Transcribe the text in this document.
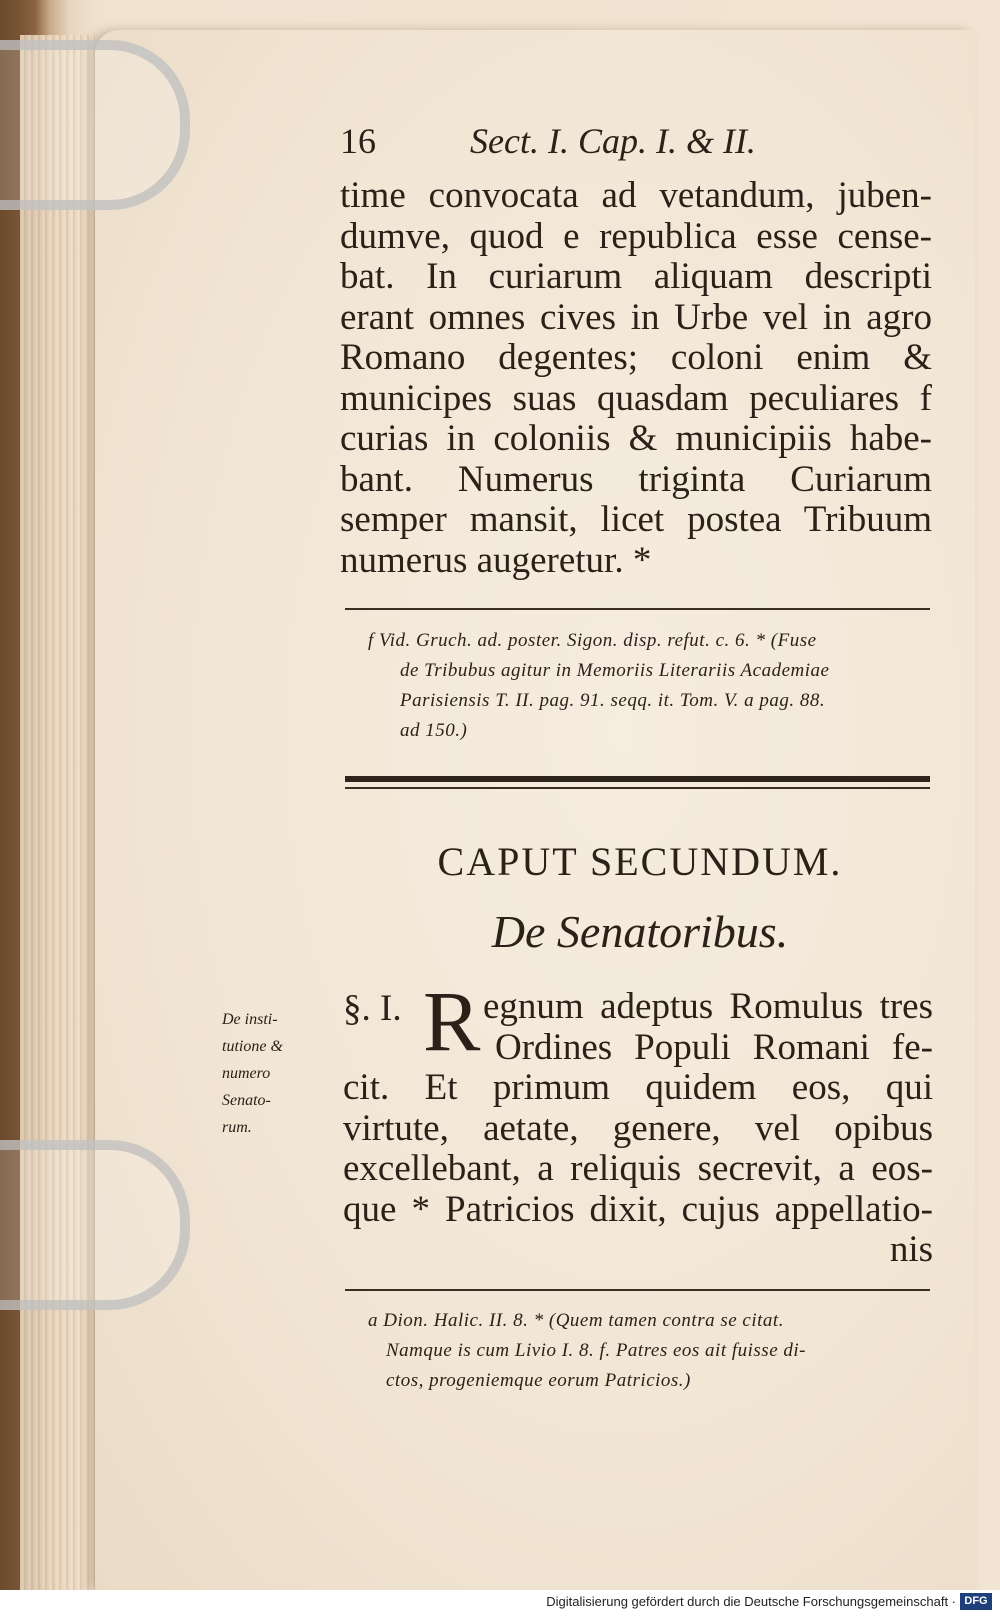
16	Sect. I. Cap. I. & II.
time convocata ad vetandum, juben-
dumve, quod e republica esse cense-
bat. In curiarum aliquam descripti
erant omnes cives in Urbe vel in agro
Romano degentes; coloni enim &
municipes suas quasdam peculiares f
curias in coloniis & municipiis habe-
bant. Numerus triginta Curiarum
semper mansit, licet postea Tribuum
numerus augeretur. *
f Vid. Gruch. ad. poster. Sigon. disp. refut. c. 6. * (Fuse
de Tribubus agitur in Memoriis Literariis Academiae
Parisiensis T. II. pag. 91. seqq. it. Tom. V. a pag. 88.
ad 150.)
CAPUT SECUNDUM.
De Senatoribus.
De insti-
tutione &
numero
Senato-
rum.
§. I. R egnum adeptus Romulus tres
Ordines Populi Romani fe-
cit. Et primum quidem eos, qui
virtute, aetate, genere, vel opibus
excellebant, a reliquis secrevit, a eos-
que * Patricios dixit, cujus appellatio-
nis
a Dion. Halic. II. 8. * (Quem tamen contra se citat.
Namque is cum Livio I. 8. f. Patres eos ait fuisse di-
ctos, progeniemque eorum Patricios.)
Digitalisierung gefördert durch die Deutsche Forschungsgemeinschaft · DFG
